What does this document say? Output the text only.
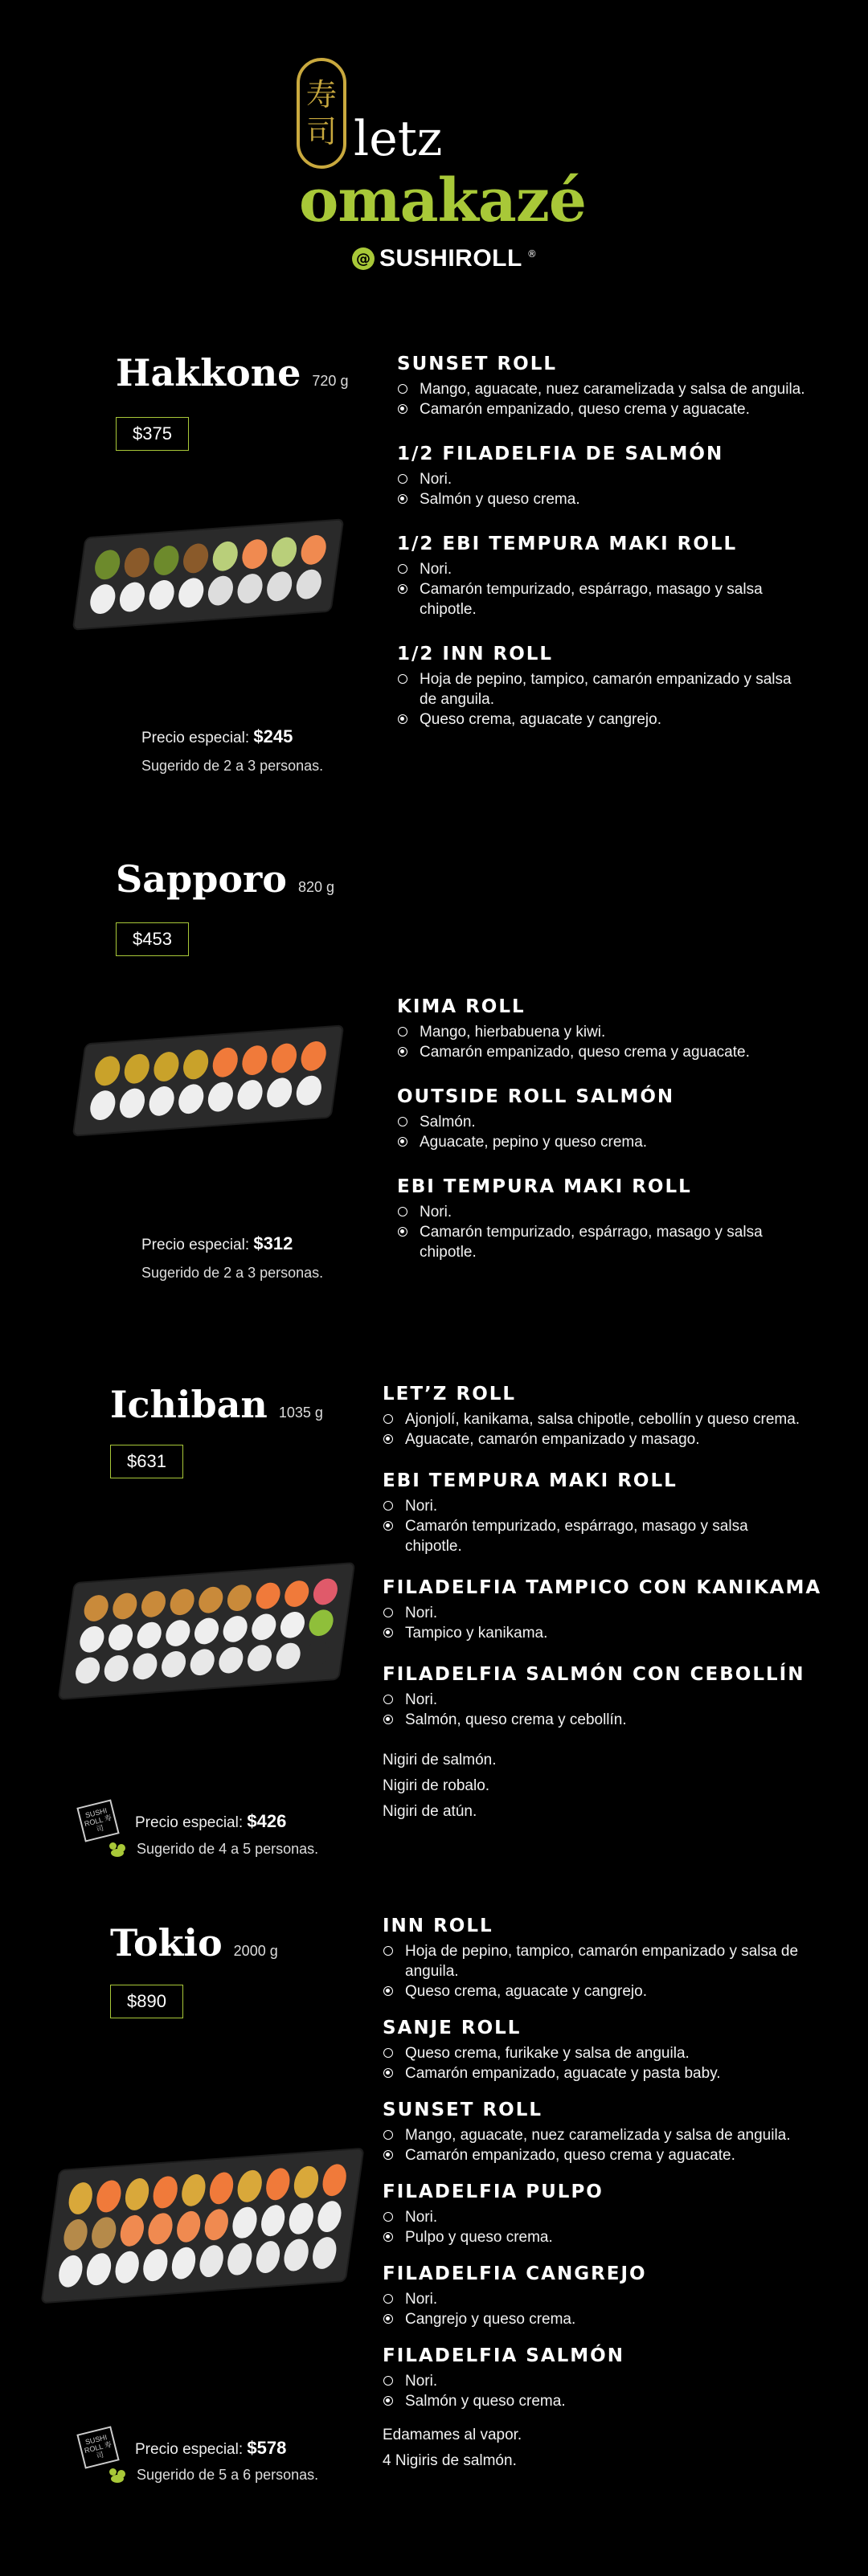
寿
司 letz
omakazé
@ SUSHIROLL ®
Hakkone 720 g
$375
Precio especial: $245
Sugerido de 2 a 3 personas.
SUNSET ROLL
Mango, aguacate, nuez caramelizada y salsa de anguila.
Camarón empanizado, queso crema y aguacate.
1/2 FILADELFIA DE SALMÓN
Nori.
Salmón y queso crema.
1/2 EBI TEMPURA MAKI ROLL
Nori.
Camarón tempurizado, espárrago, masago y salsa chipotle.
1/2 INN ROLL
Hoja de pepino, tampico, camarón empanizado y salsa de anguila.
Queso crema, aguacate y cangrejo.
Sapporo 820 g
$453
Precio especial: $312
Sugerido de 2 a 3 personas.
KIMA ROLL
Mango, hierbabuena y kiwi.
Camarón empanizado, queso crema y aguacate.
OUTSIDE ROLL SALMÓN
Salmón.
Aguacate, pepino y queso crema.
EBI TEMPURA MAKI ROLL
Nori.
Camarón tempurizado, espárrago, masago y salsa chipotle.
Ichiban 1035 g
$631
SUSHI ROLL 寿司	Precio especial: $426
Sugerido de 4 a 5 personas.
LET’Z ROLL
Ajonjolí, kanikama, salsa chipotle, cebollín y queso crema.
Aguacate, camarón empanizado y masago.
EBI TEMPURA MAKI ROLL
Nori.
Camarón tempurizado, espárrago, masago y salsa chipotle.
FILADELFIA TAMPICO CON KANIKAMA
Nori.
Tampico y kanikama.
FILADELFIA SALMÓN CON CEBOLLÍN
Nori.
Salmón, queso crema y cebollín.
Nigiri de salmón.
Nigiri de robalo.
Nigiri de atún.
Tokio 2000 g
$890
SUSHI ROLL 寿司	Precio especial: $578
Sugerido de 5 a 6 personas.
INN ROLL
Hoja de pepino, tampico, camarón empanizado y salsa de anguila.
Queso crema, aguacate y cangrejo.
SANJE ROLL
Queso crema, furikake y salsa de anguila.
Camarón empanizado, aguacate y pasta baby.
SUNSET ROLL
Mango, aguacate, nuez caramelizada y salsa de anguila.
Camarón empanizado, queso crema y aguacate.
FILADELFIA PULPO
Nori.
Pulpo y queso crema.
FILADELFIA CANGREJO
Nori.
Cangrejo y queso crema.
FILADELFIA SALMÓN
Nori.
Salmón y queso crema.
Edamames al vapor.
4 Nigiris de salmón.
